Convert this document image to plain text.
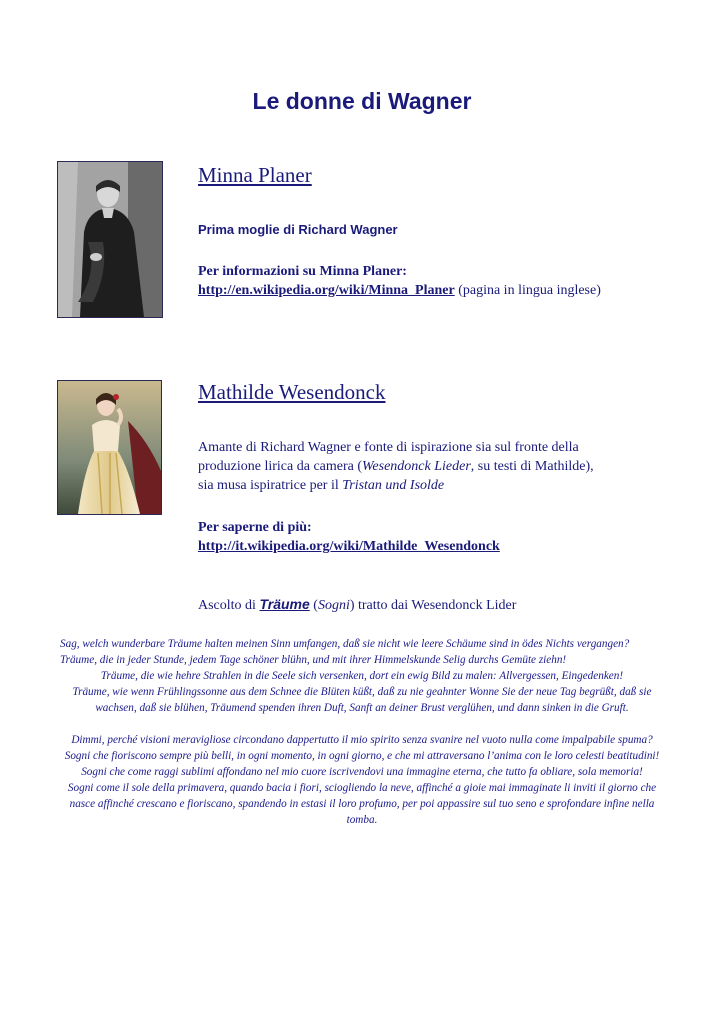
Le donne di Wagner
Minna Planer
Prima moglie di Richard Wagner
Per informazioni su Minna Planer:
http://en.wikipedia.org/wiki/Minna_Planer (pagina in lingua inglese)
Mathilde Wesendonck
Amante di Richard Wagner e fonte di ispirazione sia sul fronte della
produzione lirica da camera (Wesendonck Lieder, su testi di Mathilde),
sia musa ispiratrice per il Tristan und Isolde
Per saperne di più:
http://it.wikipedia.org/wiki/Mathilde_Wesendonck
Ascolto di Träume (Sogni) tratto dai Wesendonck Lider

Sag, welch wunderbare Träume halten meinen Sinn umfangen, daß sie nicht wie leere Schäume sind in ödes Nichts vergangen? Träume, die in jeder Stunde, jedem Tage schöner blühn, und mit ihrer Himmelskunde Selig durchs Gemüte ziehn!

Träume, die wie hehre Strahlen in die Seele sich versenken, dort ein ewig Bild zu malen: Allvergessen, Eingedenken!

Träume, wie wenn Frühlingssonne aus dem Schnee die Blüten küßt, daß zu nie geahnter Wonne Sie der neue Tag begrüßt, daß sie wachsen, daß sie blühen, Träumend spenden ihren Duft, Sanft an deiner Brust verglühen, und dann sinken in die Gruft.

Dimmi, perché visioni meravigliose circondano dappertutto il mio spirito senza svanire nel vuoto nulla come impalpabile spuma?

Sogni che fioriscono sempre più belli, in ogni momento, in ogni giorno, e che mi attraversano l’anima con le loro celesti beatitudini!

Sogni che come raggi sublimi affondano nel mio cuore iscrivendovi una immagine eterna, che tutto fa obliare, sola memoria!

Sogni come il sole della primavera, quando bacia i fiori, sciogliendo la neve, affinché a gioie mai immaginate li inviti il giorno che nasce affinché crescano e fioriscano, spandendo in estasi il loro profumo, per poi appassire sul tuo seno e sprofondare infine nella tomba.
